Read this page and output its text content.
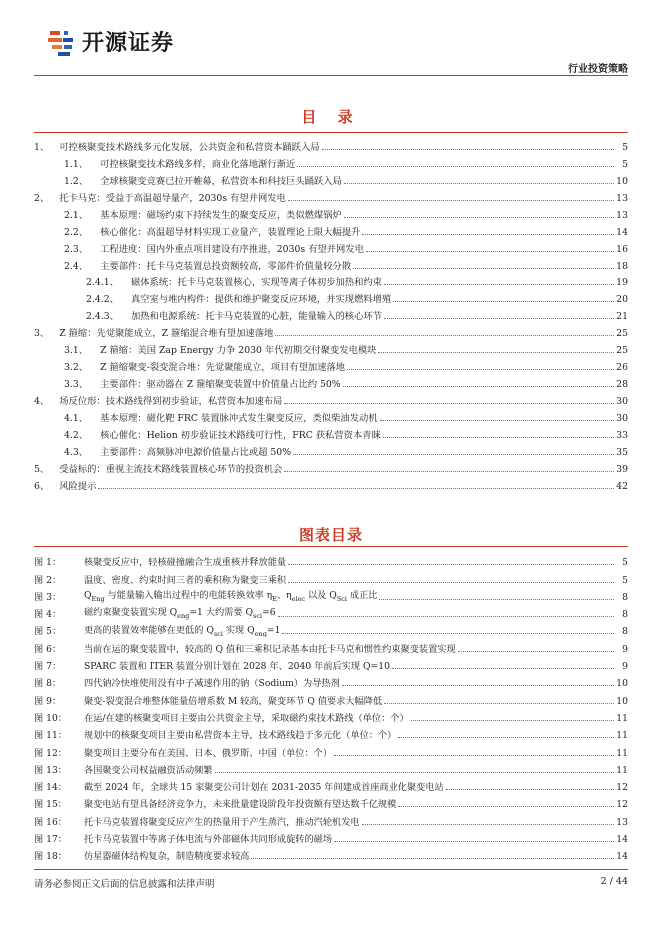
开源证券
行业投资策略
目 录
1、 可控核聚变技术路线多元化发展，公共资金和私营资本踊跃入局	5
1.1、 可控核聚变技术路线多样，商业化落地渐行渐近	5
1.2、 全球核聚变竞赛已拉开帷幕，私营资本和科技巨头踊跃入局	10
2、 托卡马克：受益于高温超导量产，2030s 有望并网发电	13
2.1、 基本原理：磁场约束下持续发生的聚变反应，类似燃煤锅炉	13
2.2、 核心催化：高温超导材料实现工业量产，装置理论上限大幅提升	14
2.3、 工程进度：国内外重点项目建设有序推进，2030s 有望并网发电	16
2.4、 主要部件：托卡马克装置总投资额较高，零部件价值量较分散	18
2.4.1、 磁体系统：托卡马克装置核心，实现等离子体初步加热和约束	19
2.4.2、 真空室与堆内构件：提供和维护聚变反应环境，并实现燃料增殖	20
2.4.3、 加热和电源系统：托卡马克装置的心脏，能量输入的核心环节	21
3、 Z 箍缩：先觉聚能成立，Z 箍缩混合堆有望加速落地	25
3.1、 Z 箍缩：美国 Zap Energy 力争 2030 年代初期交付聚变发电模块	25
3.2、 Z 箍缩聚变-裂变混合堆：先觉聚能成立，项目有望加速落地	26
3.3、 主要部件：驱动器在 Z 箍缩聚变装置中价值量占比约 50%	28
4、 场反位形：技术路线得到初步验证，私营资本加速布局	30
4.1、 基本原理：磁化靶 FRC 装置脉冲式发生聚变反应，类似柴油发动机	30
4.2、 核心催化：Helion 初步验证技术路线可行性，FRC 获私营资本青睐	33
4.3、 主要部件：高频脉冲电源价值量占比或超 50%	35
5、 受益标的：重视主流技术路线装置核心环节的投资机会	39
6、 风险提示	42
图表目录
图 1：	核聚变反应中，轻核碰撞融合生成重核并释放能量	5
图 2：	温度、密度、约束时间三者的乘积称为聚变三乘积	5
图 3：	$Q_{Eng}$ 与能量输入输出过程中的电能转换效率 $\eta_E$、$\eta_{elec}$ 以及 $Q_{Sci}$ 成正比	8
图 4：	磁约束聚变装置实现 $Q_{eng}=1$ 大约需要 $Q_{sci}=6$	8
图 5：	更高的装置效率能够在更低的 $Q_{sci}$ 实现 $Q_{eng}=1$	8
图 6：	当前在运的聚变装置中，较高的 Q 值和三乘积记录基本由托卡马克和惯性约束聚变装置实现	9
图 7：	SPARC 装置和 ITER 装置分别计划在 2028 年、2040 年前后实现 Q=10	9
图 8：	四代钠冷快堆使用没有中子减速作用的钠（Sodium）为导热剂	10
图 9：	聚变-裂变混合堆整体能量倍增系数 M 较高，聚变环节 Q 值要求大幅降低	10
图 10：	在运/在建的核聚变项目主要由公共资金主导，采取磁约束技术路线（单位：个）	11
图 11：	规划中的核聚变项目主要由私营资本主导，技术路线趋于多元化（单位：个）	11
图 12：	聚变项目主要分布在美国、日本、俄罗斯、中国（单位：个）	11
图 13：	各国聚变公司权益融资活动频繁	11
图 14：	截至 2024 年，全球共 15 家聚变公司计划在 2031-2035 年间建成首座商业化聚变电站	12
图 15：	聚变电站有望具备经济竞争力，未来批量建设阶段年投资额有望达数千亿规模	12
图 16：	托卡马克装置将聚变反应产生的热量用于产生蒸汽，推动汽轮机发电	13
图 17：	托卡马克装置中等离子体电流与外部磁体共同形成旋转的磁场	14
图 18：	仿星器磁体结构复杂，制造精度要求较高	14
请务必参阅正文后面的信息披露和法律声明	2 / 44
